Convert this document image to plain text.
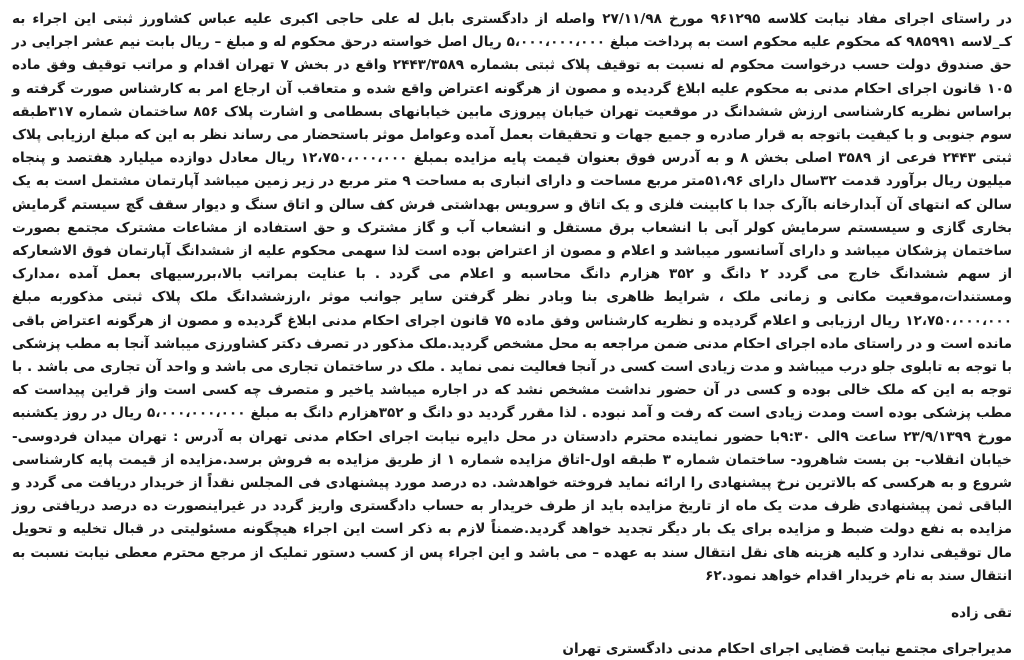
در راستای اجرای مفاد نیابت کلاسه ۹۶۱۲۹۵ مورخ ۲۷/۱۱/۹۸ واصله از دادگستری بابل له علی حاجی اکبری علیه عباس کشاورز ثبتی این اجراء به کـ_لاسه ۹۸۵۹۹۱ که محکوم علیه محکوم است به پرداخت مبلغ ۵،۰۰۰،۰۰۰،۰۰۰ ریال اصل خواسته درحق محکوم له و مبلغ – ریال بابت نیم عشر اجرایی در حق صندوق دولت حسب درخواست محکوم له نسبت به توقیف پلاک ثبتی بشماره ۲۴۴۳/۳۵۸۹ واقع در بخش ۷ تهران اقدام و مراتب توقیف وفق ماده ۱۰۵ قانون اجرای احکام مدنی به محکوم علیه ابلاغ گردیده و مصون از هرگونه اعتراض واقع شده و متعاقب آن ارجاع امر به کارشناس صورت گرفته و براساس نظریه کارشناسی ارزش ششدانگ در موقعیت تهران خیابان پیروزی مابین خیابانهای بسطامی و اشارت پلاک ۸۵۶ ساختمان شماره ۳۱۷طبقه سوم جنوبی و با کیفیت باتوجه به قرار صادره و جمیع جهات و تحقیقات بعمل آمده وعوامل موثر باستحضار می رساند نظر به این که مبلغ ارزیابی پلاک ثبتی ۲۴۴۳ فرعی از ۳۵۸۹ اصلی بخش ۸ و به آدرس فوق بعنوان قیمت پایه مزایده بمبلغ ۱۲،۷۵۰،۰۰۰،۰۰۰ ریال معادل دوازده میلیارد هفتصد و پنجاه میلیون ریال برآورد قدمت ۳۲سال دارای ۵۱،۹۶متر مربع مساحت و دارای انباری به مساحت ۹ متر مربع در زیر زمین میباشد آپارتمان مشتمل است به یک سالن که انتهای آن آبدارخانه باآرک جدا با کابینت فلزی و یک اتاق و سرویس بهداشتی فرش کف سالن و اتاق سنگ و دیوار سقف گچ سیستم گرمایش بخاری گازی و سیسستم سرمایش کولر آبی با انشعاب برق مستقل و انشعاب آب و گاز مشترک و حق استفاده از مشاعات مشترک مجتمع بصورت ساختمان پزشکان میباشد و دارای آسانسور میباشد و اعلام و مصون از اعتراض بوده است لذا سهمی محکوم علیه از ششدانگ آپارتمان فوق الاشعارکه از سهم ششدانگ خارج می گردد ۲ دانگ و ۳۵۲ هزارم دانگ محاسبه و اعلام می گردد . با عنایت بمراتب بالا،بررسیهای بعمل آمده ،مدارک ومستندات،موقعیت مکانی و زمانی ملک ، شرایط ظاهری بنا وبادر نظر گرفتن سایر جوانب موثر ،ارزششدانگ ملک پلاک ثبتی مذکوربه مبلغ ۱۲،۷۵۰،۰۰۰،۰۰۰ ریال ارزیابی و اعلام گردیده و نظریه کارشناس وفق ماده ۷۵ قانون اجرای احکام مدنی ابلاغ گردیده و مصون از هرگونه اعتراض باقی مانده است و در راستای ماده اجرای احکام مدنی ضمن مراجعه به محل مشخص گردید.ملک مذکور در تصرف دکتر کشاورزی میباشد آنجا به مطب پزشکی با توجه به تابلوی جلو درب میباشد و مدت زیادی است کسی در آنجا فعالیت نمی نماید . ملک در ساختمان تجاری می باشد و واحد آن تجاری می باشد . با توجه به این که ملک خالی بوده و کسی در آن حضور نداشت مشخص نشد که در اجاره میباشد یاخیر و متصرف چه کسی است واز قراین پیداست که مطب پزشکی بوده است ومدت زیادی است که رفت و آمد نبوده . لذا مقرر گردید دو دانگ و ۳۵۲هزارم دانگ به مبلغ ۵،۰۰۰،۰۰۰،۰۰۰ ریال در روز یکشنبه مورخ ۲۳/۹/۱۳۹۹ ساعت ۹الی ۹:۳۰با حضور نماینده محترم دادستان در محل دایره نیابت اجرای احکام مدنی تهران به آدرس : تهران میدان فردوسی- خیابان انقلاب- بن بست شاهرود- ساختمان شماره ۳ طبقه اول-اتاق مزایده شماره ۱ از طریق مزایده به فروش برسد.مزایده از قیمت پایه کارشناسی شروع و به هرکسی که بالاترین نرخ پیشنهادی را ارائه نماید فروخته خواهدشد. ده درصد مورد پیشنهادی فی المجلس نقداً از خریدار دریافت می گردد و الباقی ثمن پیشنهادی ظرف مدت یک ماه از تاریخ مزایده باید از طرف خریدار به حساب دادگستری واریز گردد در غیراینصورت ده درصد دریافتی روز مزایده به نفع دولت ضبط و مزایده برای یک بار دیگر تجدید خواهد گردید.ضمناً لازم به ذکر است این اجراء هیچگونه مسئولیتی در قبال تخلیه و تحویل مال توقیفی ندارد و کلیه هزینه های نقل انتقال سند به عهده – می باشد و این اجراء پس از کسب دستور تملیک از مرجع محترم معطی نیابت نسبت به انتقال سند به نام خریدار اقدام خواهد نمود.۶۲

تقی زاده

مدیراجرای مجتمع نیابت قضایی اجرای احکام مدنی دادگستری تهران
